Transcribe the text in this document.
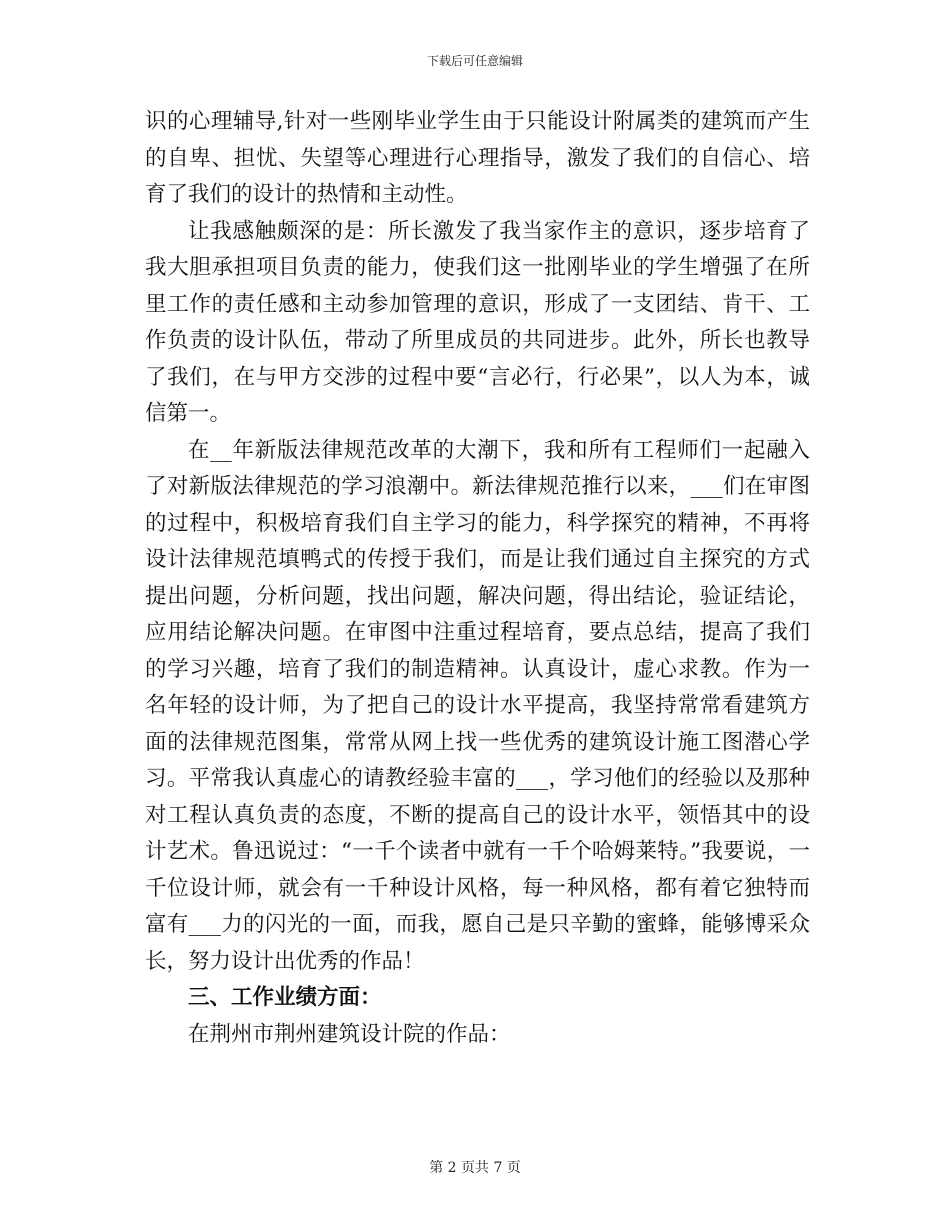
下载后可任意编辑

识的心理辅导,针对一些刚毕业学生由于只能设计附属类的建筑而产生的自卑、担忧、失望等心理进行心理指导，激发了我们的自信心、培育了我们的设计的热情和主动性。

让我感触颇深的是：所长激发了我当家作主的意识，逐步培育了我大胆承担项目负责的能力，使我们这一批刚毕业的学生增强了在所里工作的责任感和主动参加管理的意识，形成了一支团结、肯干、工作负责的设计队伍，带动了所里成员的共同进步。此外，所长也教导了我们，在与甲方交涉的过程中要“言必行，行必果”，以人为本，诚信第一。

在__年新版法律规范改革的大潮下，我和所有工程师们一起融入了对新版法律规范的学习浪潮中。新法律规范推行以来，___们在审图的过程中，积极培育我们自主学习的能力，科学探究的精神，不再将设计法律规范填鸭式的传授于我们，而是让我们通过自主探究的方式提出问题，分析问题，找出问题，解决问题，得出结论，验证结论，应用结论解决问题。在审图中注重过程培育，要点总结，提高了我们的学习兴趣，培育了我们的制造精神。认真设计，虚心求教。作为一名年轻的设计师，为了把自己的设计水平提高，我坚持常常看建筑方面的法律规范图集，常常从网上找一些优秀的建筑设计施工图潜心学习。平常我认真虚心的请教经验丰富的___，学习他们的经验以及那种对工程认真负责的态度，不断的提高自己的设计水平，领悟其中的设计艺术。鲁迅说过：“一千个读者中就有一千个哈姆莱特。”我要说，一千位设计师，就会有一千种设计风格，每一种风格，都有着它独特而富有___力的闪光的一面，而我，愿自己是只辛勤的蜜蜂，能够博采众长，努力设计出优秀的作品！

三、工作业绩方面：

在荆州市荆州建筑设计院的作品：

第 2 页共 7 页
